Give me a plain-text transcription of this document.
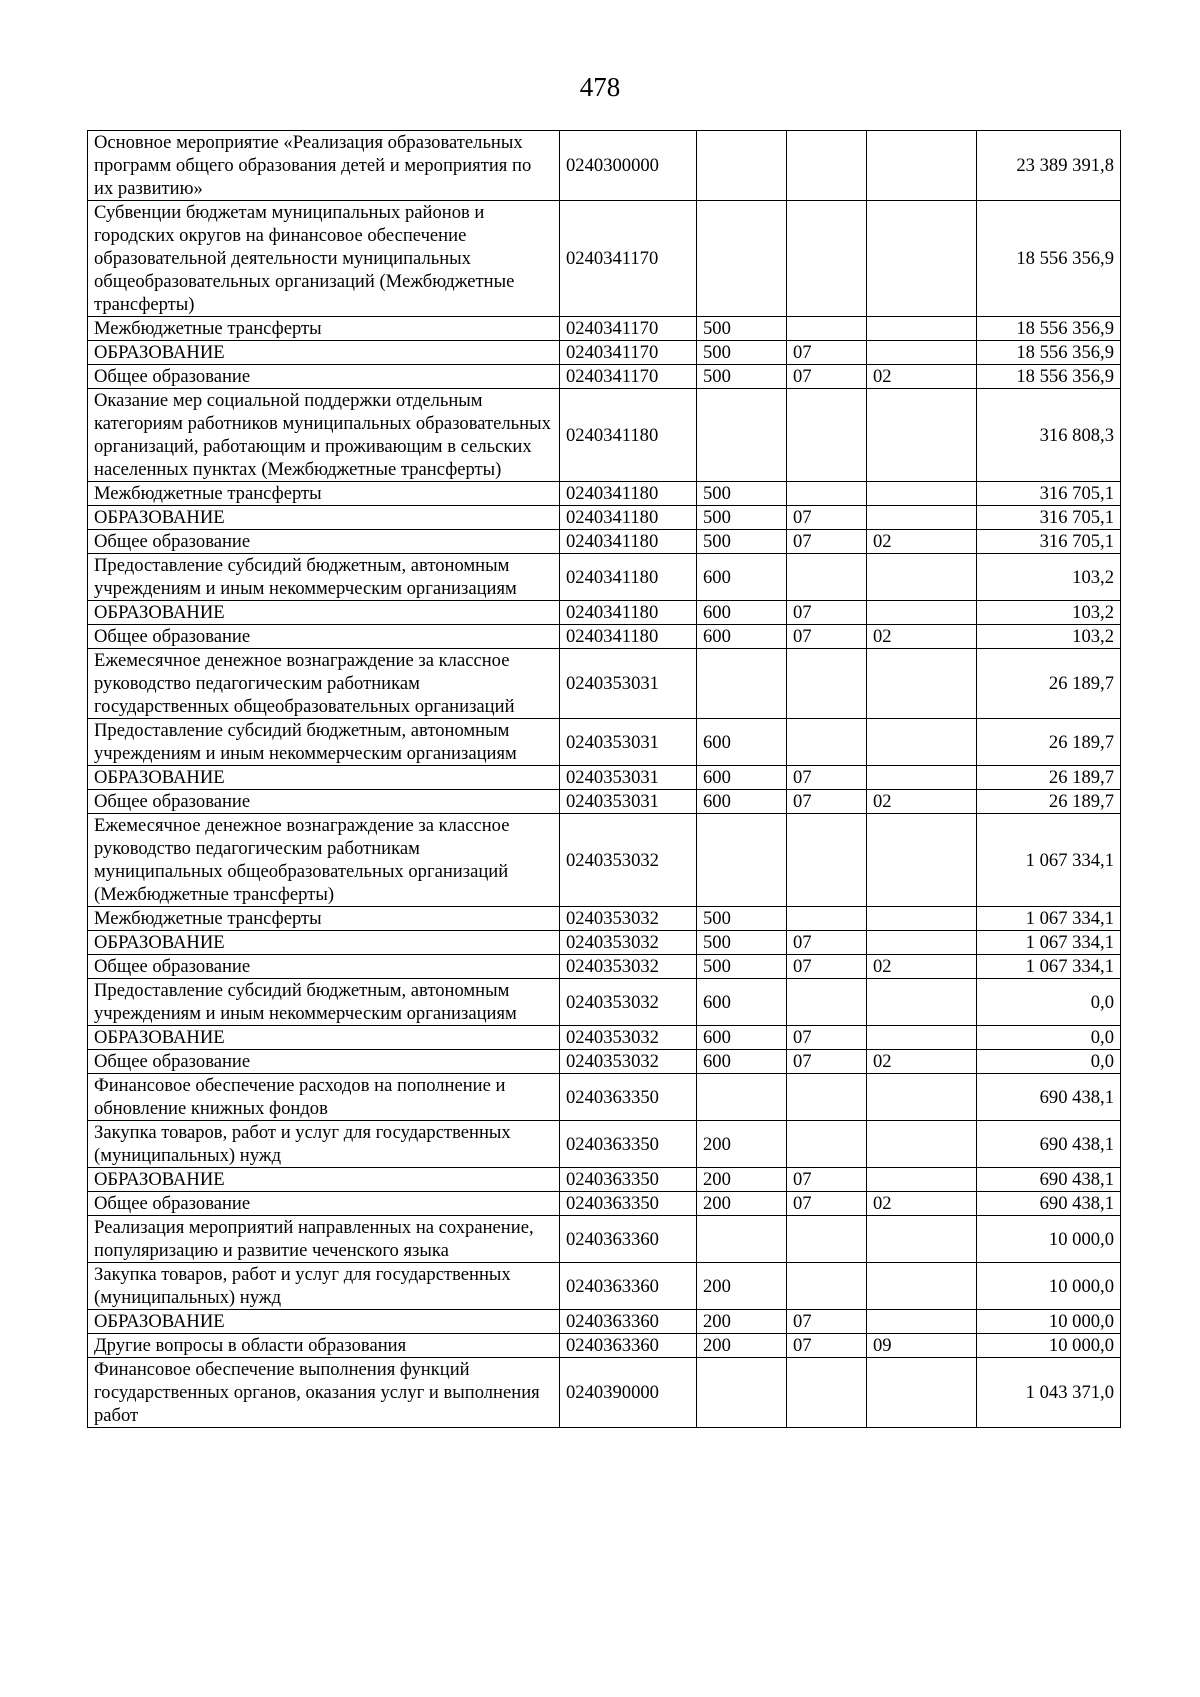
478
Основное мероприятие «Реализация образовательных программ общего образования детей и мероприятия по их развитию»	0240300000				23 389 391,8
Субвенции бюджетам муниципальных районов и городских округов на финансовое обеспечение образовательной деятельности муниципальных общеобразовательных организаций (Межбюджетные трансферты)	0240341170				18 556 356,9
Межбюджетные трансферты	0240341170	500			18 556 356,9
ОБРАЗОВАНИЕ	0240341170	500	07		18 556 356,9
Общее образование	0240341170	500	07	02	18 556 356,9
Оказание мер социальной поддержки отдельным категориям работников муниципальных образовательных организаций, работающим и проживающим в сельских населенных пунктах (Межбюджетные трансферты)	0240341180				316 808,3
Межбюджетные трансферты	0240341180	500			316 705,1
ОБРАЗОВАНИЕ	0240341180	500	07		316 705,1
Общее образование	0240341180	500	07	02	316 705,1
Предоставление субсидий бюджетным, автономным учреждениям и иным некоммерческим организациям	0240341180	600			103,2
ОБРАЗОВАНИЕ	0240341180	600	07		103,2
Общее образование	0240341180	600	07	02	103,2
Ежемесячное денежное вознаграждение за классное руководство педагогическим работникам государственных общеобразовательных организаций	0240353031				26 189,7
Предоставление субсидий бюджетным, автономным учреждениям и иным некоммерческим организациям	0240353031	600			26 189,7
ОБРАЗОВАНИЕ	0240353031	600	07		26 189,7
Общее образование	0240353031	600	07	02	26 189,7
Ежемесячное денежное вознаграждение за классное руководство педагогическим работникам муниципальных общеобразовательных организаций (Межбюджетные трансферты)	0240353032				1 067 334,1
Межбюджетные трансферты	0240353032	500			1 067 334,1
ОБРАЗОВАНИЕ	0240353032	500	07		1 067 334,1
Общее образование	0240353032	500	07	02	1 067 334,1
Предоставление субсидий бюджетным, автономным учреждениям и иным некоммерческим организациям	0240353032	600			0,0
ОБРАЗОВАНИЕ	0240353032	600	07		0,0
Общее образование	0240353032	600	07	02	0,0
Финансовое обеспечение расходов на пополнение и обновление книжных фондов	0240363350				690 438,1
Закупка товаров, работ и услуг для государственных (муниципальных) нужд	0240363350	200			690 438,1
ОБРАЗОВАНИЕ	0240363350	200	07		690 438,1
Общее образование	0240363350	200	07	02	690 438,1
Реализация мероприятий направленных на сохранение, популяризацию и развитие чеченского языка	0240363360				10 000,0
Закупка товаров, работ и услуг для государственных (муниципальных) нужд	0240363360	200			10 000,0
ОБРАЗОВАНИЕ	0240363360	200	07		10 000,0
Другие вопросы в области образования	0240363360	200	07	09	10 000,0
Финансовое обеспечение выполнения функций государственных органов, оказания услуг и выполнения работ	0240390000				1 043 371,0
